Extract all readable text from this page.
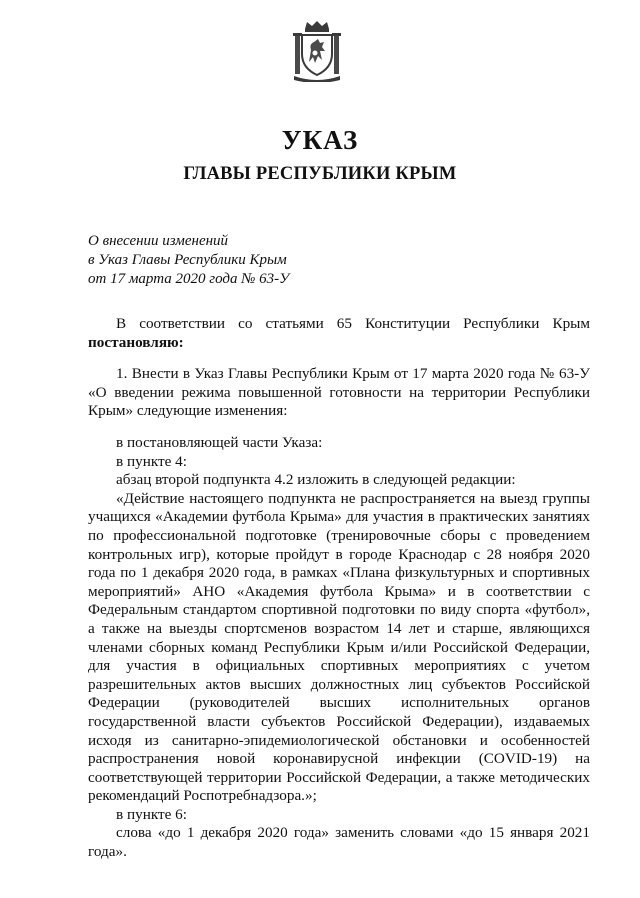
УКАЗ
ГЛАВЫ РЕСПУБЛИКИ КРЫМ
О внесении изменений
в Указ Главы Республики Крым
от 17 марта 2020 года № 63-У

В соответствии со статьями 65 Конституции Республики Крым

постановляю:

1. Внести в Указ Главы Республики Крым от 17 марта 2020 года № 63-У «О введении режима повышенной готовности на территории Республики Крым» следующие изменения:

в постановляющей части Указа:

в пункте 4:

абзац второй подпункта 4.2 изложить в следующей редакции:

«Действие настоящего подпункта не распространяется на выезд группы учащихся «Академии футбола Крыма» для участия в практических занятиях по профессиональной подготовке (тренировочные сборы с проведением контрольных игр), которые пройдут в городе Краснодар с 28 ноября 2020 года по 1 декабря 2020 года, в рамках «Плана физкультурных и спортивных мероприятий» АНО «Академия футбола Крыма» и в соответствии с Федеральным стандартом спортивной подготовки по виду спорта «футбол», а также на выезды спортсменов возрастом 14 лет и старше, являющихся членами сборных команд Республики Крым и/или Российской Федерации, для участия в официальных спортивных мероприятиях с учетом разрешительных актов высших должностных лиц субъектов Российской Федерации (руководителей высших исполнительных органов государственной власти субъектов Российской Федерации), издаваемых исходя из санитарно-эпидемиологической обстановки и особенностей распространения новой коронавирусной инфекции (COVID-19) на соответствующей территории Российской Федерации, а также методических рекомендаций Роспотребнадзора.»;

в пункте 6:

слова «до 1 декабря 2020 года» заменить словами «до 15 января 2021 года».
